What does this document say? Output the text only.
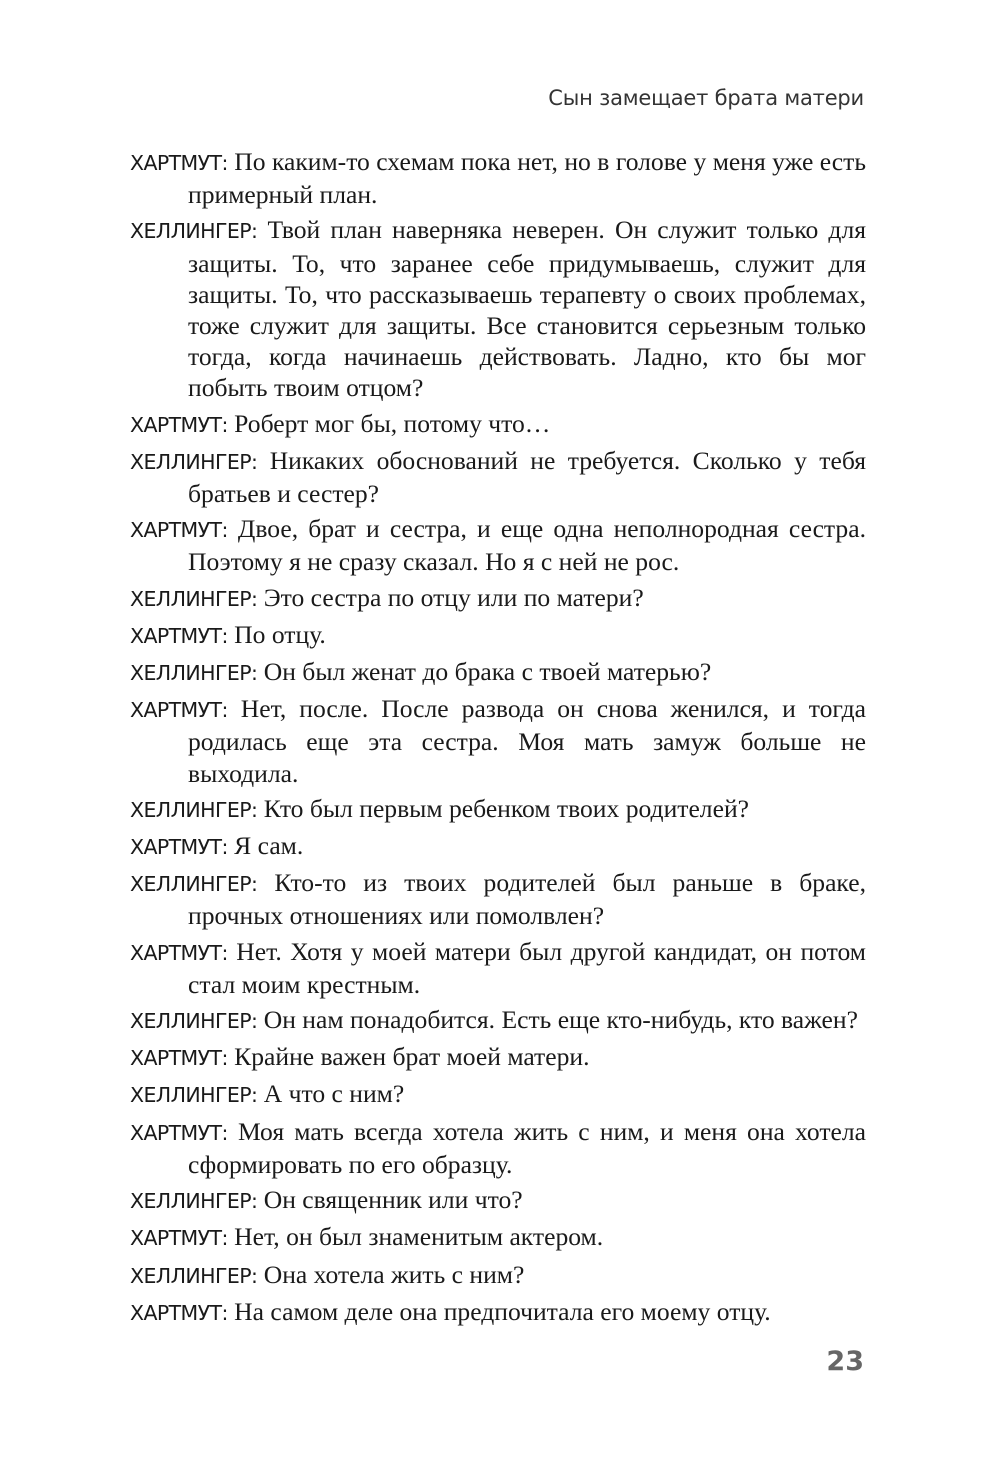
Сын замещает брата матери

ХАРТМУТ: По каким-то схемам пока нет, но в голове у меня уже есть примерный план.

ХЕЛЛИНГЕР: Твой план наверняка неверен. Он служит только для защиты. То, что заранее себе придумываешь, служит для защиты. То, что рассказываешь терапевту о своих проблемах, тоже служит для защиты. Все становится серьезным только тогда, когда начинаешь действовать. Ладно, кто бы мог побыть твоим отцом?

ХАРТМУТ: Роберт мог бы, потому что…

ХЕЛЛИНГЕР: Никаких обоснований не требуется. Сколько у тебя братьев и сестер?

ХАРТМУТ: Двое, брат и сестра, и еще одна неполнородная сестра. Поэтому я не сразу сказал. Но я с ней не рос.

ХЕЛЛИНГЕР: Это сестра по отцу или по матери?

ХАРТМУТ: По отцу.

ХЕЛЛИНГЕР: Он был женат до брака с твоей матерью?

ХАРТМУТ: Нет, после. После развода он снова женился, и тогда родилась еще эта сестра. Моя мать замуж больше не выходила.

ХЕЛЛИНГЕР: Кто был первым ребенком твоих родителей?

ХАРТМУТ: Я сам.

ХЕЛЛИНГЕР: Кто-то из твоих родителей был раньше в браке, прочных отношениях или помолвлен?

ХАРТМУТ: Нет. Хотя у моей матери был другой кандидат, он потом стал моим крестным.

ХЕЛЛИНГЕР: Он нам понадобится. Есть еще кто-нибудь, кто важен?

ХАРТМУТ: Крайне важен брат моей матери.

ХЕЛЛИНГЕР: А что с ним?

ХАРТМУТ: Моя мать всегда хотела жить с ним, и меня она хотела сформировать по его образцу.

ХЕЛЛИНГЕР: Он священник или что?

ХАРТМУТ: Нет, он был знаменитым актером.

ХЕЛЛИНГЕР: Она хотела жить с ним?

ХАРТМУТ: На самом деле она предпочитала его моему отцу.

23
